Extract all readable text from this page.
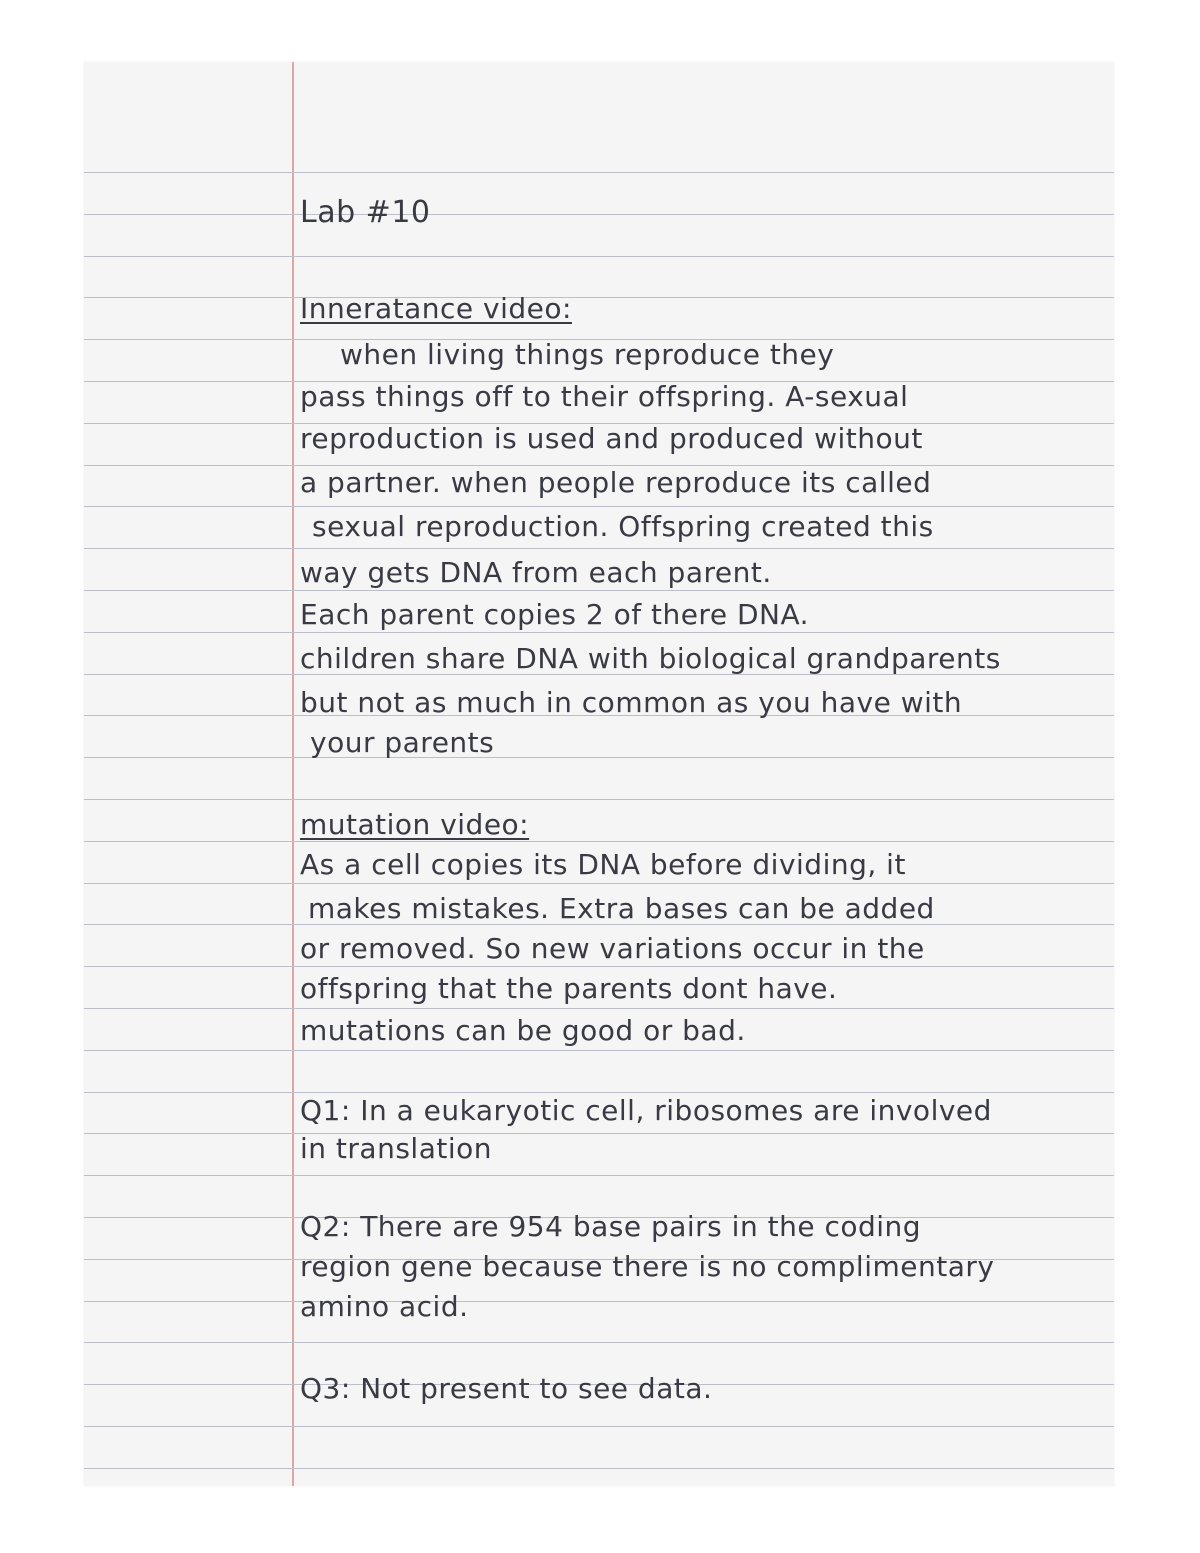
Lab #10
Inneratance video:
when living things reproduce they
pass things off to their offspring. A-sexual
reproduction is used and produced without
a partner. when people reproduce its called
sexual reproduction. Offspring created this
way gets DNA from each parent.
Each parent copies 2 of there DNA.
children share DNA with biological grandparents
but not as much in common as you have with
your parents
mutation video:
As a cell copies its DNA before dividing, it
makes mistakes. Extra bases can be added
or removed. So new variations occur in the
offspring that the parents dont have.
mutations can be good or bad.
Q1: In a eukaryotic cell, ribosomes are involved
in translation
Q2: There are 954 base pairs in the coding
region gene because there is no complimentary
amino acid.
Q3: Not present to see data.
